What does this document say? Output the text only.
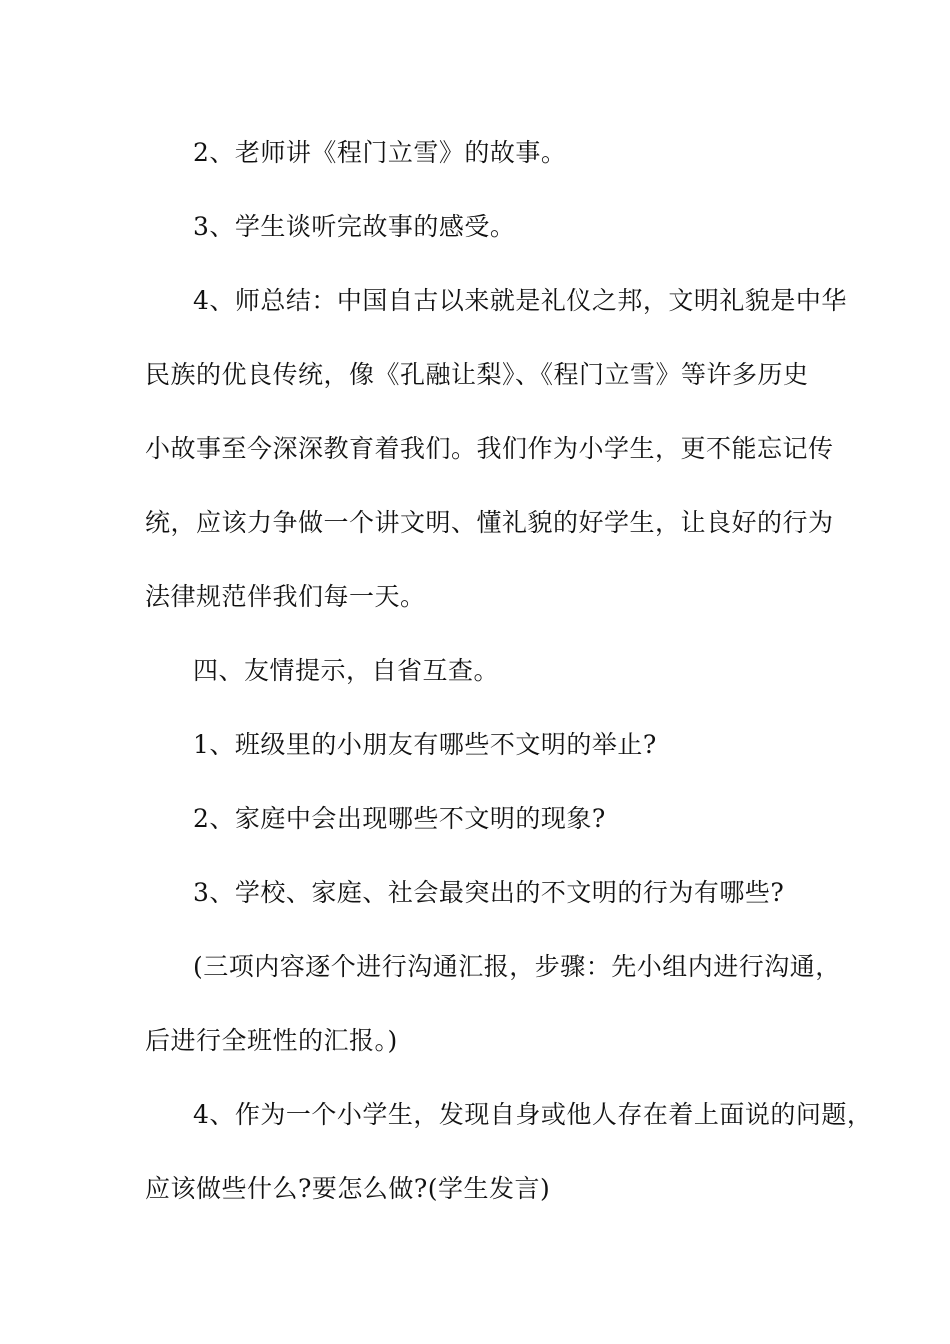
2、老师讲《程门立雪》的故事。
3、学生谈听完故事的感受。
4、师总结：中国自古以来就是礼仪之邦，文明礼貌是中华
民族的优良传统，像《孔融让梨》、《程门立雪》等许多历史
小故事至今深深教育着我们。我们作为小学生，更不能忘记传
统，应该力争做一个讲文明、懂礼貌的好学生，让良好的行为
法律规范伴我们每一天。
四、友情提示，自省互查。
1、班级里的小朋友有哪些不文明的举止?
2、家庭中会出现哪些不文明的现象?
3、学校、家庭、社会最突出的不文明的行为有哪些?
(三项内容逐个进行沟通汇报，步骤：先小组内进行沟通，
后进行全班性的汇报。)
4、作为一个小学生，发现自身或他人存在着上面说的问题，
应该做些什么?要怎么做?(学生发言)
